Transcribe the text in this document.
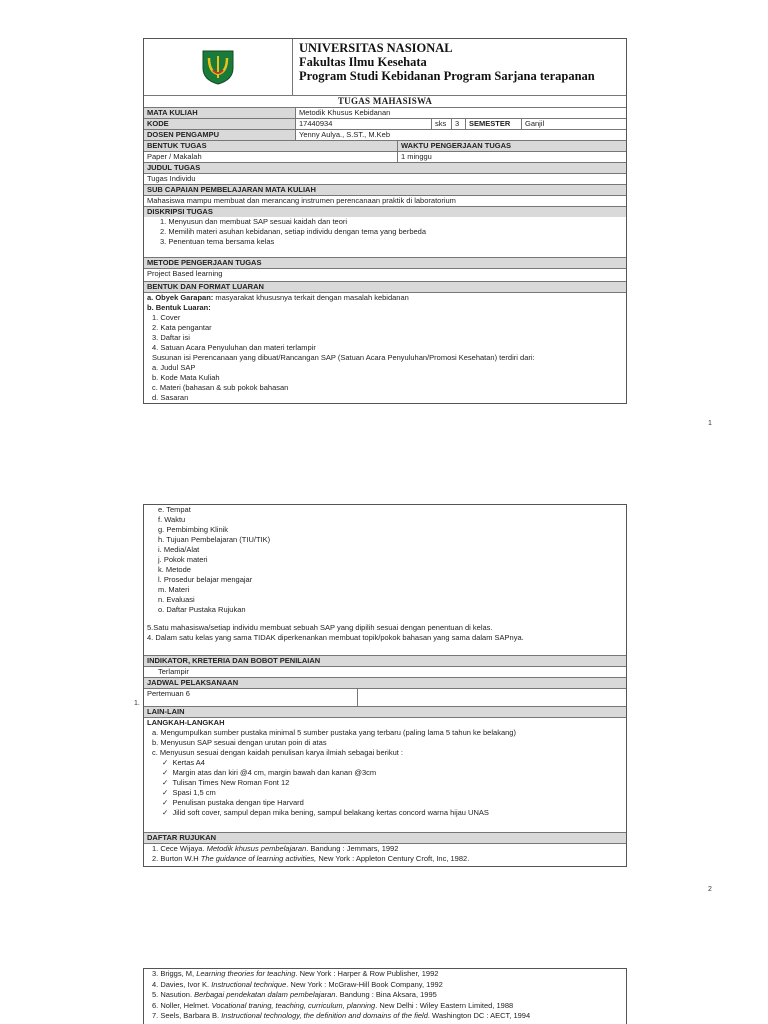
UNIVERSITAS NASIONAL
Fakultas Ilmu Kesehata
Program Studi Kebidanan Program Sarjana terapanan
TUGAS MAHASISWA
MATA KULIAH	Metodik Khusus Kebidanan
KODE	17440934	sks	3	SEMESTER	Ganjil
DOSEN PENGAMPU	Yenny Aulya., S.ST., M.Keb
BENTUK TUGAS	WAKTU PENGERJAAN TUGAS
Paper / Makalah	1 minggu
JUDUL TUGAS
Tugas Individu
SUB CAPAIAN PEMBELAJARAN MATA KULIAH
Mahasiswa mampu membuat dan merancang instrumen perencanaan praktik di laboratorium
DISKRIPSI TUGAS
1. Menyusun dan membuat SAP sesuai kaidah dan teori
2. Memilih materi asuhan kebidanan, setiap individu dengan tema yang berbeda
3. Penentuan tema bersama kelas
METODE PENGERJAAN TUGAS
Project Based learning
BENTUK DAN FORMAT LUARAN
a. Obyek Garapan: masyarakat khususnya terkait dengan masalah kebidanan
b. Bentuk Luaran:
1. Cover
2. Kata pengantar
3. Daftar isi
4. Satuan Acara Penyuluhan dan materi terlampir
Susunan isi Perencanaan yang dibuat/Rancangan SAP (Satuan Acara Penyuluhan/Promosi Kesehatan) terdiri dari:
a. Judul SAP
b. Kode Mata Kuliah
c. Materi (bahasan & sub pokok bahasan
d. Sasaran
1
e. Tempat
f. Waktu
g. Pembimbing Klinik
h. Tujuan Pembelajaran (TIU/TIK)
i. Media/Alat
j. Pokok materi
k. Metode
l. Prosedur belajar mengajar
m. Materi
n. Evaluasi
o. Daftar Pustaka Rujukan
5.Satu mahasiswa/setiap individu membuat sebuah SAP yang dipilih sesuai dengan penentuan di kelas.
4. Dalam satu kelas yang sama TIDAK diperkenankan membuat topik/pokok bahasan yang sama dalam SAPnya.
INDIKATOR, KRETERIA DAN BOBOT PENILAIAN
Terlampir
JADWAL PELAKSANAAN
Pertemuan 6
LAIN-LAIN
LANGKAH-LANGKAH
a. Mengumpulkan sumber pustaka minimal 5 sumber pustaka yang terbaru (paling lama 5 tahun ke belakang)
b. Menyusun SAP sesuai dengan urutan poin di atas
c. Menyusun sesuai dengan kaidah penulisan karya ilmiah sebagai berikut :
✓  Kertas A4
✓  Margin atas dan kiri @4 cm, margin bawah dan kanan @3cm
✓  Tulisan Times New Roman Font 12
✓  Spasi 1,5 cm
✓  Penulisan pustaka dengan tipe Harvard
✓  Jilid soft cover, sampul depan mika bening, sampul belakang kertas concord warna hijau UNAS
DAFTAR RUJUKAN
1. Cece Wijaya. Metodik khusus pembelajaran. Bandung : Jemmars, 1992
2. Burton W.H The guidance of learning activities, New York : Appleton Century Croft, Inc, 1982.
1.
2
3. Briggs, M, Learning theories for teaching. New York : Harper & Row Publisher, 1992
4. Davies, Ivor K. Instructional technique. New York : McGraw-Hill Book Company, 1992
5. Nasution. Berbagai pendekatan dalam pembelajaran. Bandung : Bina Aksara, 1995
6. Noller, Helmet. Vocational traning, teaching, curriculum, planning. New Delhi : Wiley Eastern Limited, 1988
7. Seels, Barbara B. Instructional technology, the definition and domains of the field. Washington DC : AECT, 1994
